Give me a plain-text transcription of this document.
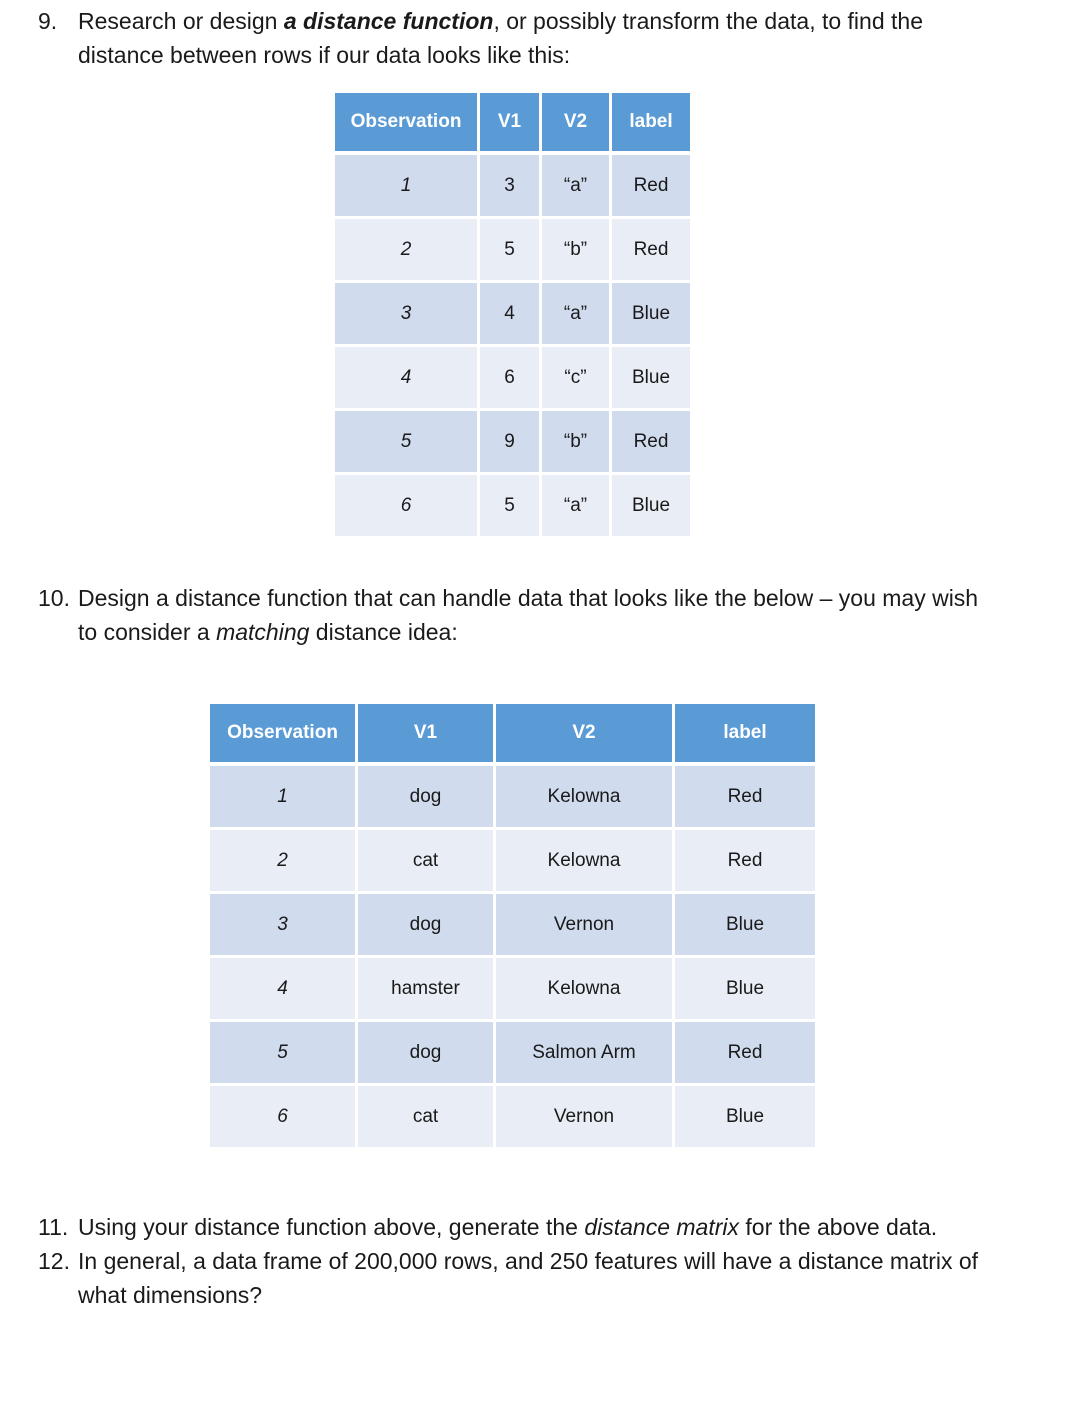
9. Research or design a distance function, or possibly transform the data, to find the
distance between rows if our data looks like this:
Observation	V1	V2	label
1	3	“a”	Red
2	5	“b”	Red
3	4	“a”	Blue
4	6	“c”	Blue
5	9	“b”	Red
6	5	“a”	Blue
10. Design a distance function that can handle data that looks like the below – you may wish
to consider a matching distance idea:
Observation	V1	V2	label
1	dog	Kelowna	Red
2	cat	Kelowna	Red
3	dog	Vernon	Blue
4	hamster	Kelowna	Blue
5	dog	Salmon Arm	Red
6	cat	Vernon	Blue
11. Using your distance function above, generate the distance matrix for the above data.
12. In general, a data frame of 200,000 rows, and 250 features will have a distance matrix of
what dimensions?
